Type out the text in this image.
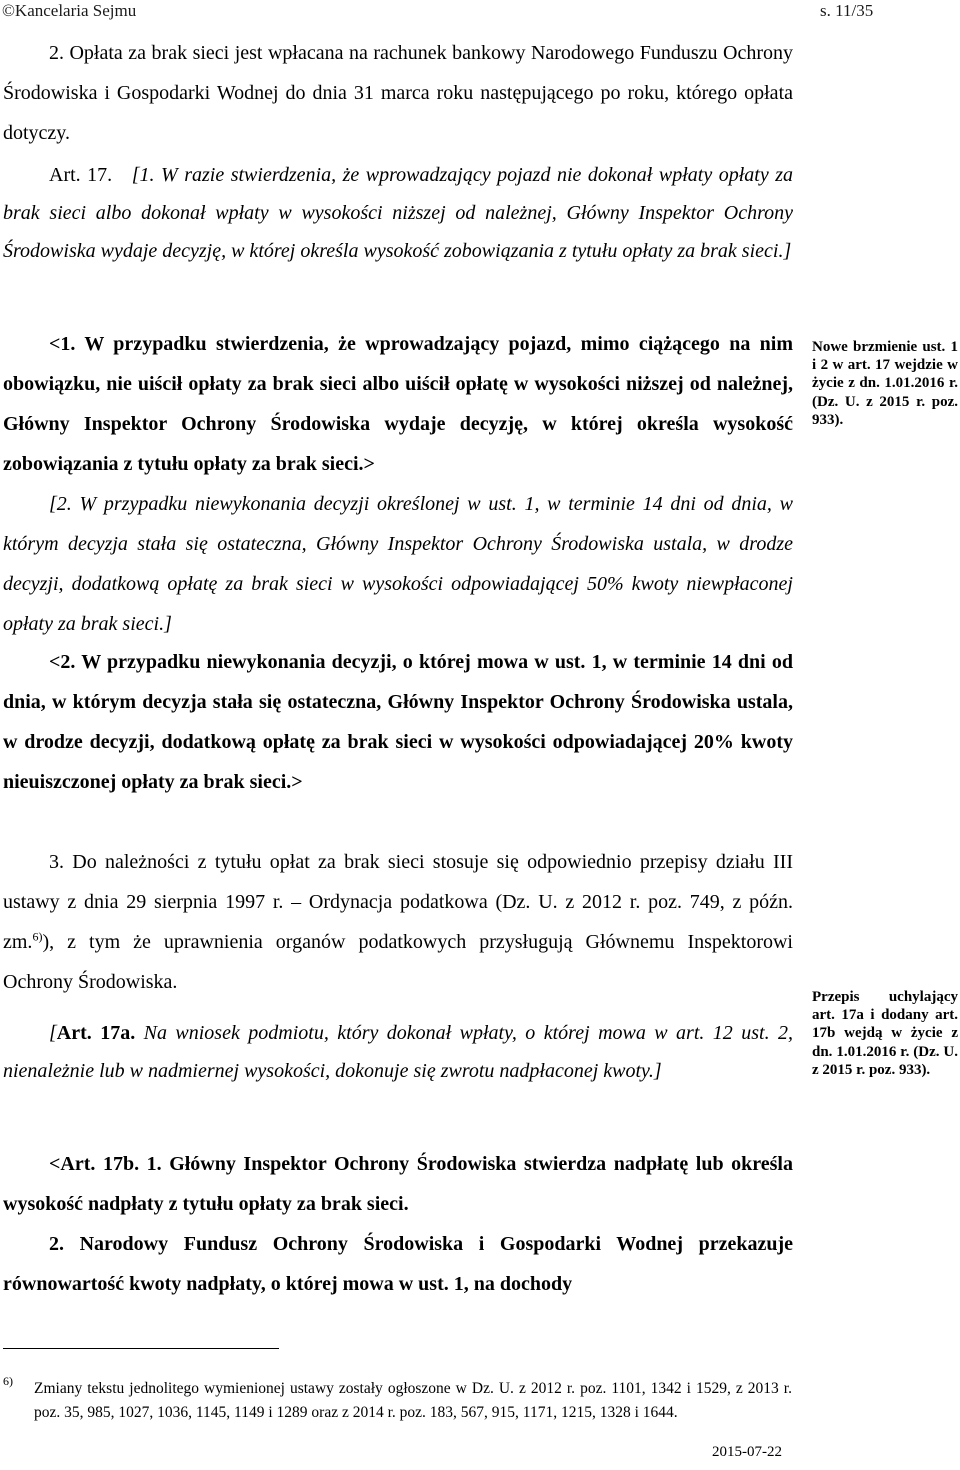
©Kancelaria Sejmu	s. 11/35
2. Opłata za brak sieci jest wpłacana na rachunek bankowy Narodowego Funduszu Ochrony Środowiska i Gospodarki Wodnej do dnia 31 marca roku następującego po roku, którego opłata dotyczy.
Art. 17. [1. W razie stwierdzenia, że wprowadzający pojazd nie dokonał wpłaty opłaty za brak sieci albo dokonał wpłaty w wysokości niższej od należnej, Główny Inspektor Ochrony Środowiska wydaje decyzję, w której określa wysokość zobowiązania z tytułu opłaty za brak sieci.]
<1. W przypadku stwierdzenia, że wprowadzający pojazd, mimo ciążącego na nim obowiązku, nie uiścił opłaty za brak sieci albo uiścił opłatę w wysokości niższej od należnej, Główny Inspektor Ochrony Środowiska wydaje decyzję, w której określa wysokość zobowiązania z tytułu opłaty za brak sieci.>
[2. W przypadku niewykonania decyzji określonej w ust. 1, w terminie 14 dni od dnia, w którym decyzja stała się ostateczna, Główny Inspektor Ochrony Środowiska ustala, w drodze decyzji, dodatkową opłatę za brak sieci w wysokości odpowiadającej 50% kwoty niewpłaconej opłaty za brak sieci.]
<2. W przypadku niewykonania decyzji, o której mowa w ust. 1, w terminie 14 dni od dnia, w którym decyzja stała się ostateczna, Główny Inspektor Ochrony Środowiska ustala, w drodze decyzji, dodatkową opłatę za brak sieci w wysokości odpowiadającej 20% kwoty nieuiszczonej opłaty za brak sieci.>
3. Do należności z tytułu opłat za brak sieci stosuje się odpowiednio przepisy działu III ustawy z dnia 29 sierpnia 1997 r. – Ordynacja podatkowa (Dz. U. z 2012 r. poz. 749, z późn. zm.$^{6)}$), z tym że uprawnienia organów podatkowych przysługują Głównemu Inspektorowi Ochrony Środowiska.
[Art. 17a. Na wniosek podmiotu, który dokonał wpłaty, o której mowa w art. 12 ust. 2, nienależnie lub w nadmiernej wysokości, dokonuje się zwrotu nadpłaconej kwoty.]
<Art. 17b. 1. Główny Inspektor Ochrony Środowiska stwierdza nadpłatę lub określa wysokość nadpłaty z tytułu opłaty za brak sieci.
2. Narodowy Fundusz Ochrony Środowiska i Gospodarki Wodnej przekazuje równowartość kwoty nadpłaty, o której mowa w ust. 1, na dochody
Nowe brzmienie ust. 1 i 2 w art. 17 wejdzie w życie z dn. 1.01.2016 r. (Dz. U. z 2015 r. poz. 933).
Przepis uchylający art. 17a i dodany art. 17b wejdą w życie z dn. 1.01.2016 r. (Dz. U. z 2015 r. poz. 933).
6) Zmiany tekstu jednolitego wymienionej ustawy zostały ogłoszone w Dz. U. z 2012 r. poz. 1101, 1342 i 1529, z 2013 r. poz. 35, 985, 1027, 1036, 1145, 1149 i 1289 oraz z 2014 r. poz. 183, 567, 915, 1171, 1215, 1328 i 1644.
2015-07-22
